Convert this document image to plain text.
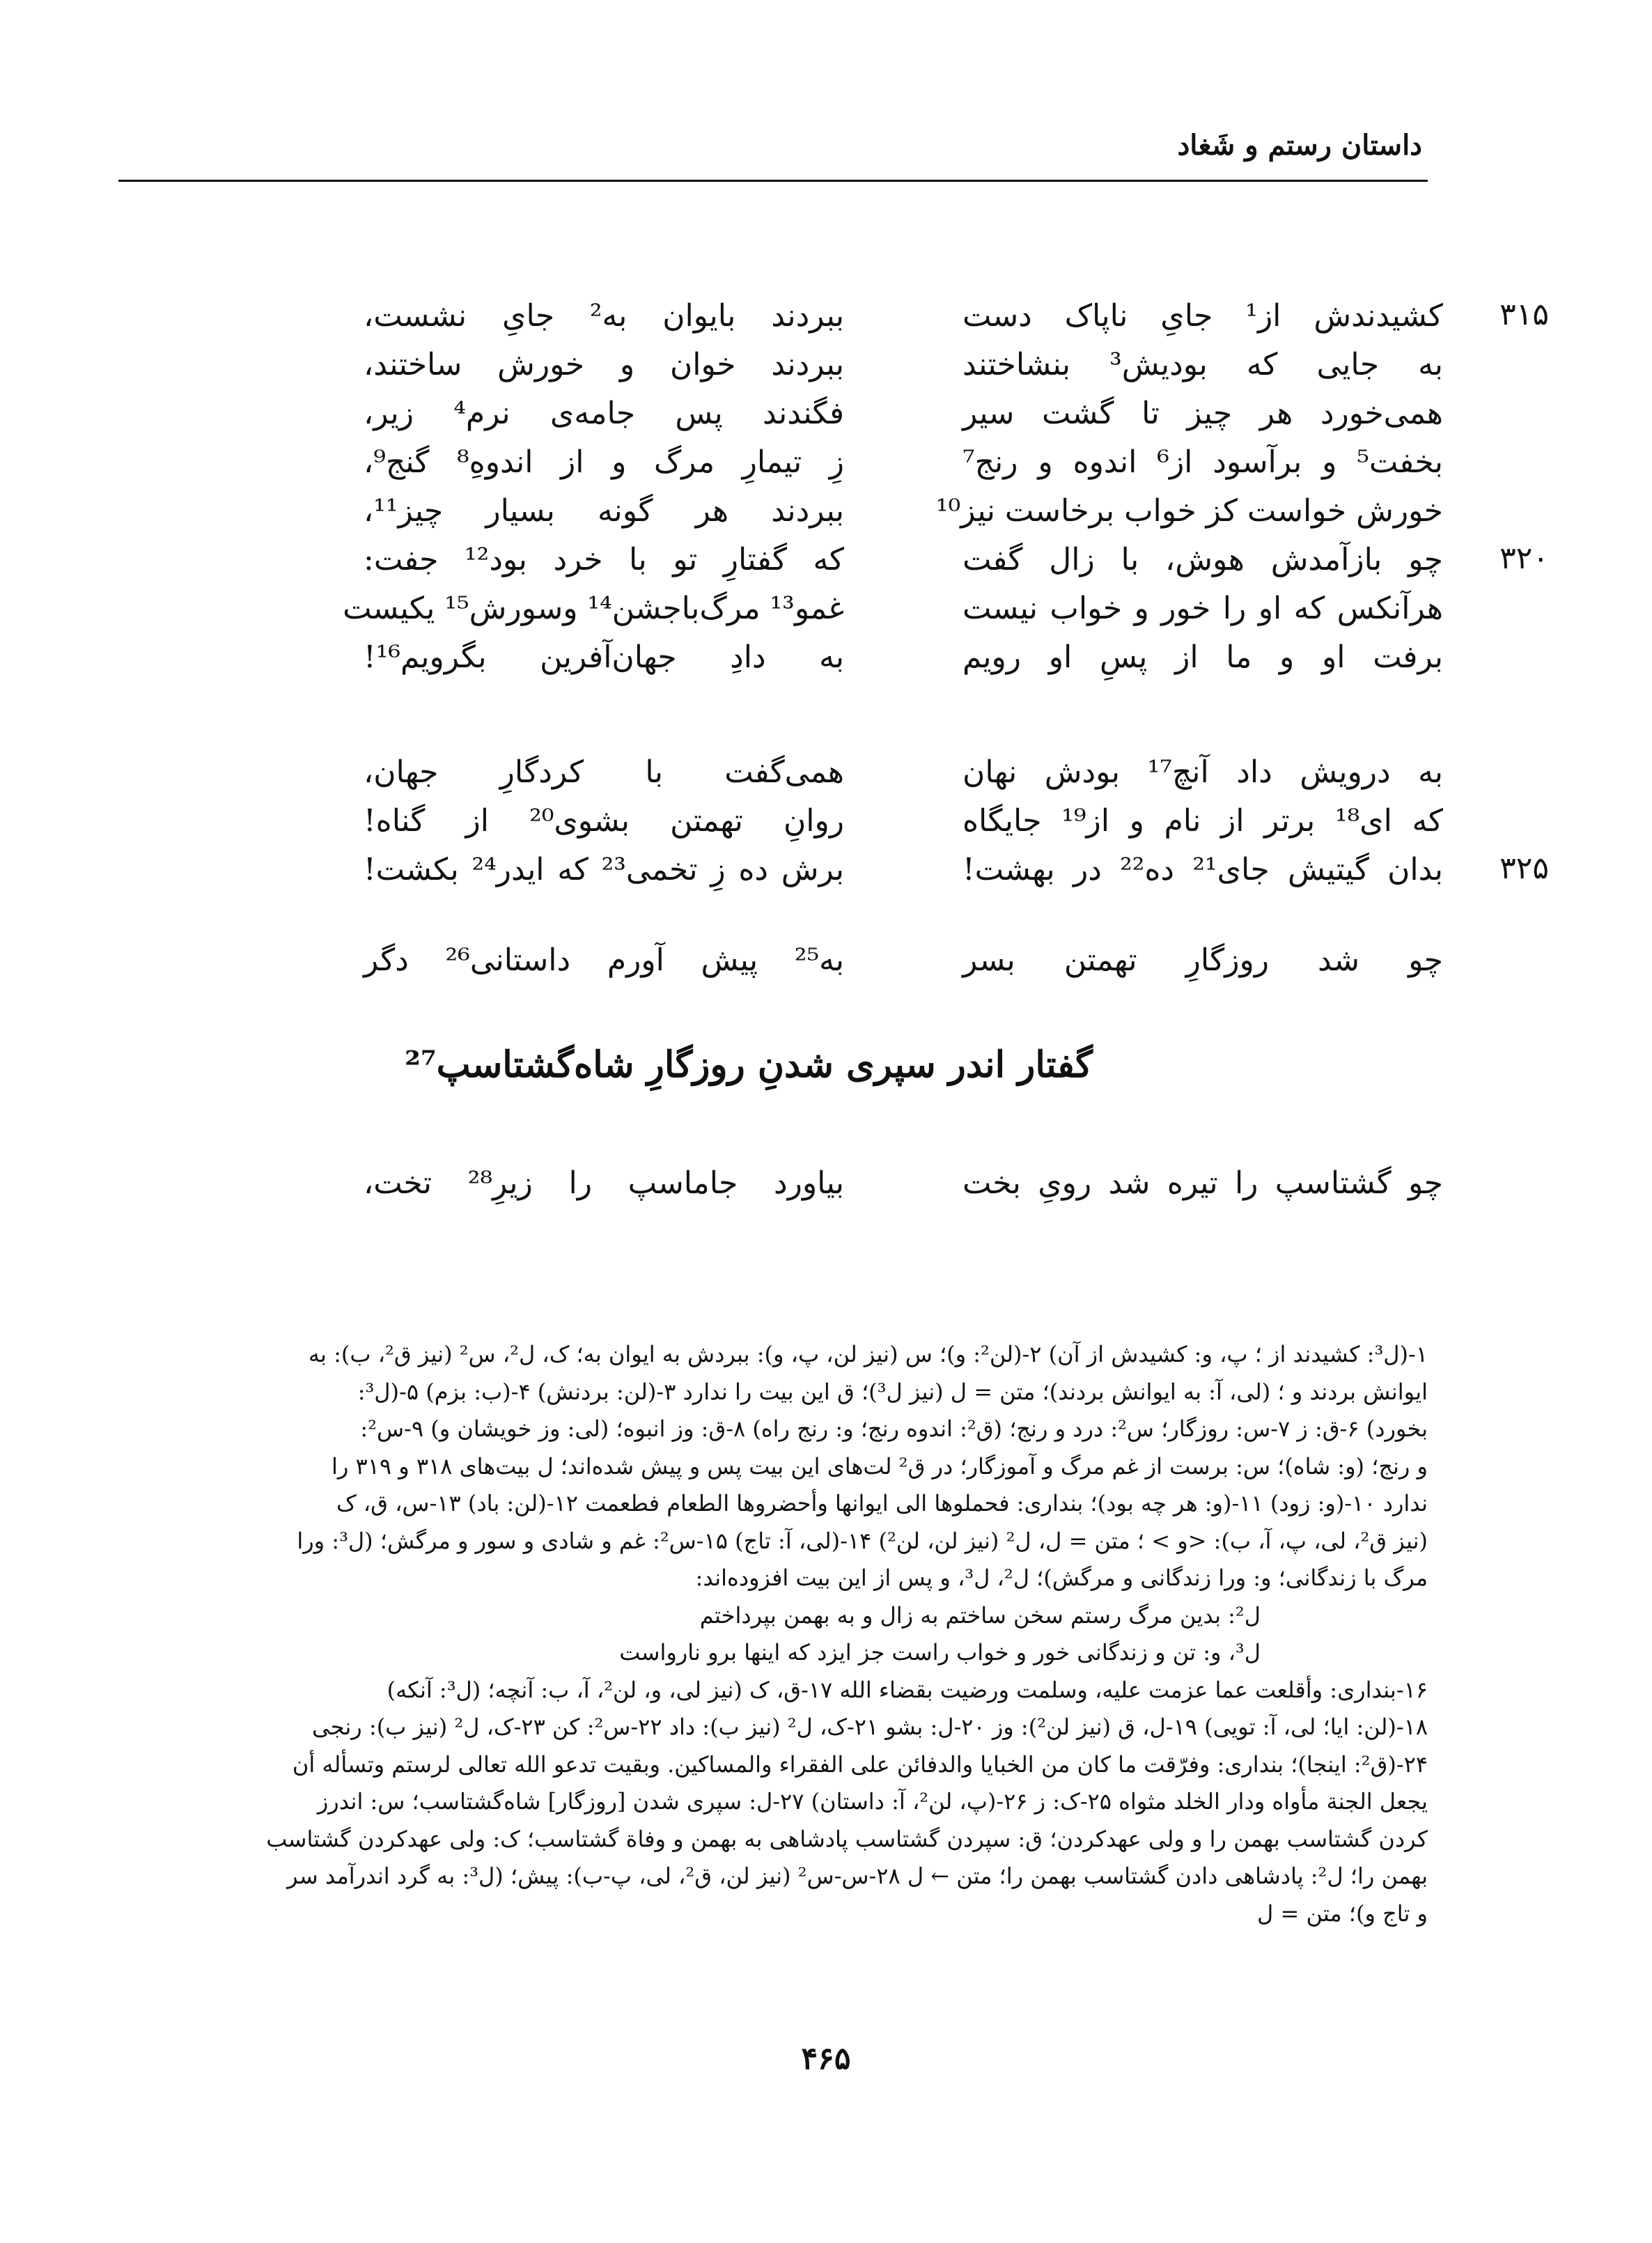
داستان رستم و شَغاد
۳۱۵
کشیدندش از¹ جایِ ناپاک دست
ببردند بایوان به² جایِ نشست،
به جایی که بودیش³ بنشاختند
ببردند خوان و خورش ساختند،
همی‌خورد هر چیز تا گشت سیر
فگندند پس جامه‌ی نرم⁴ زیر،
بخفت⁵ و برآسود از⁶ اندوه و رنج⁷
زِ تیمارِ مرگ و از اندوهِ⁸ گنج⁹،
خورش خواست کز خواب برخاست نیز¹⁰
ببردند هر گونه بسیار چیز¹¹،
۳۲۰
چو بازآمدش هوش، با زال گفت
که گفتارِ تو با خرد بود¹² جفت:
هرآنکس که او را خور و خواب نیست
غمو¹³ مرگ‌باجشن¹⁴ وسورش¹⁵ یکیست
برفت او و ما از پسِ او رویم
به دادِ جهان‌آفرین بگرویم¹⁶!
به درویش داد آنچ¹⁷ بودش نهان
همی‌گفت با کردگارِ جهان،
که ای¹⁸ برتر از نام و از¹⁹ جایگاه
روانِ تهمتن بشوی²⁰ از گناه!
۳۲۵
بدان گیتیش جای²¹ ده²² در بهشت!
برش ده زِ تخمی²³ که ایدر²⁴ بکشت!
چو شد روزگارِ تهمتن بسر
به²⁵ پیش آورم داستانی²⁶ دگر
گفتار اندر سپری شدنِ روزگارِ شاه‌گشتاسپ²⁷
چو گشتاسپ را تیره شد رویِ بخت
بیاورد جاماسپ را زیرِ²⁸ تخت،
۱-(ل³: کشیدند از ؛ پ، و: کشیدش از آن) ۲-(لن²: و)؛ س (نیز لن، پ، و): ببردش به ایوان به؛ ک، ل²، س² (نیز ق²، ب): به
ایوانش بردند و ؛ (لی، آ: به ایوانش بردند)؛ متن = ل (نیز ل³)؛ ق این بیت را ندارد ۳-(لن: بردنش) ۴-(ب: بزم) ۵-(ل³:
بخورد) ۶-ق: ز ۷-س: روزگار؛ س²: درد و رنج؛ (ق²: اندوه رنج؛ و: رنج راه) ۸-ق: وز انبوه؛ (لی: وز خویشان و) ۹-س²:
و رنج؛ (و: شاه)؛ س: برست از غم مرگ و آموزگار؛ در ق² لت‌های این بیت پس و پیش شده‌اند؛ ل بیت‌های ۳۱۸ و ۳۱۹ را
ندارد ۱۰-(و: زود) ۱۱-(و: هر چه بود)؛ بنداری: فحملوها الی ایوانها وأحضروها الطعام فطعمت ۱۲-(لن: باد) ۱۳-س، ق، ک
(نیز ق²، لی، پ، آ، ب): <و > ؛ متن = ل، ل² (نیز لن، لن²) ۱۴-(لی، آ: تاج) ۱۵-س²: غم و شادی و سور و مرگش؛ (ل³: ورا
مرگ با زندگانی؛ و: ورا زندگانی و مرگش)؛ ل²، ل³، و پس از این بیت افزوده‌اند:
ل²: بدین مرگ رستم سخن ساختم به زال و به بهمن بپرداختم
ل³، و: تن و زندگانی خور و خواب راست جز ایزد که اینها برو نارواست
۱۶-بنداری: وأقلعت عما عزمت علیه، وسلمت ورضیت بقضاء الله ۱۷-ق، ک (نیز لی، و، لن²، آ، ب: آنچه؛ (ل³: آنکه)
۱۸-(لن: ایا؛ لی، آ: تویی) ۱۹-ل، ق (نیز لن²): وز ۲۰-ل: بشو ۲۱-ک، ل² (نیز ب): داد ۲۲-س²: کن ۲۳-ک، ل² (نیز ب): رنجی
۲۴-(ق²: اینجا)؛ بنداری: وفرّقت ما کان من الخبایا والدفائن علی الفقراء والمساکین. وبقیت تدعو الله تعالی لرستم وتسأله أن
یجعل الجنة مأواه ودار الخلد مثواه ۲۵-ک: ز ۲۶-(پ، لن²، آ: داستان) ۲۷-ل: سپری شدن [روزگار] شاه‌گشتاسب؛ س: اندرز
کردن گشتاسب بهمن را و ولی عهدکردن؛ ق: سپردن گشتاسب پادشاهی به بهمن و وفاة گشتاسب؛ ک: ولی عهدکردن گشتاسب
بهمن را؛ ل²: پادشاهی دادن گشتاسب بهمن را؛ متن ← ل ۲۸-س-س² (نیز لن، ق²، لی، پ-ب): پیش؛ (ل³: به گرد اندرآمد سر
و تاج و)؛ متن = ل
۴۶۵
